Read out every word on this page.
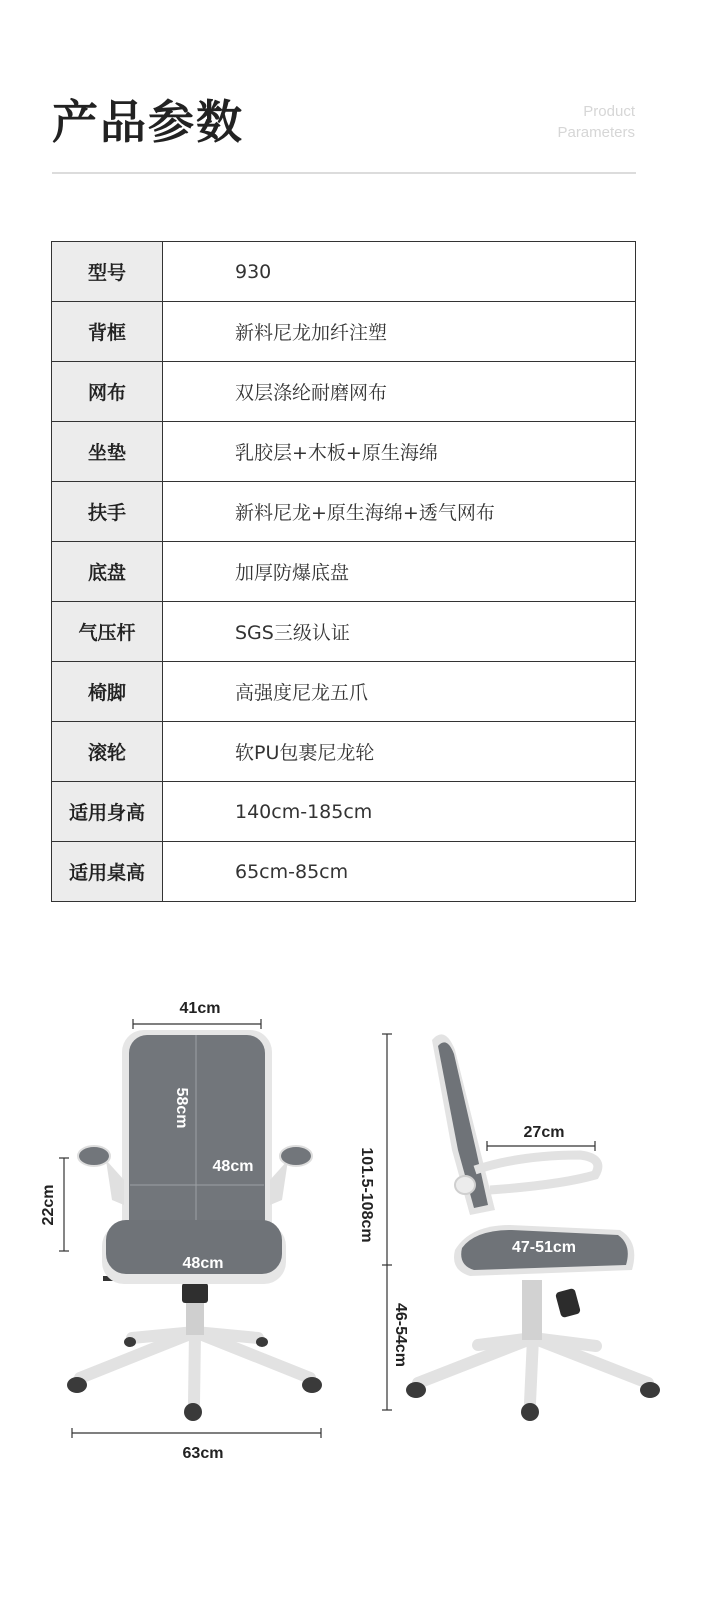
产品参数	Product
Parameters
型号	930
背框	新料尼龙加纤注塑
网布	双层涤纶耐磨网布
坐垫	乳胶层+木板+原生海绵
扶手	新料尼龙+原生海绵+透气网布
底盘	加厚防爆底盘
气压杆	SGS三级认证
椅脚	高强度尼龙五爪
滚轮	软PU包裹尼龙轮
适用身高	140cm-185cm
适用桌高	65cm-85cm
41cm
58cm
48cm
48cm
22cm
63cm
27cm
101.5-108cm
47-51cm
46-54cm
